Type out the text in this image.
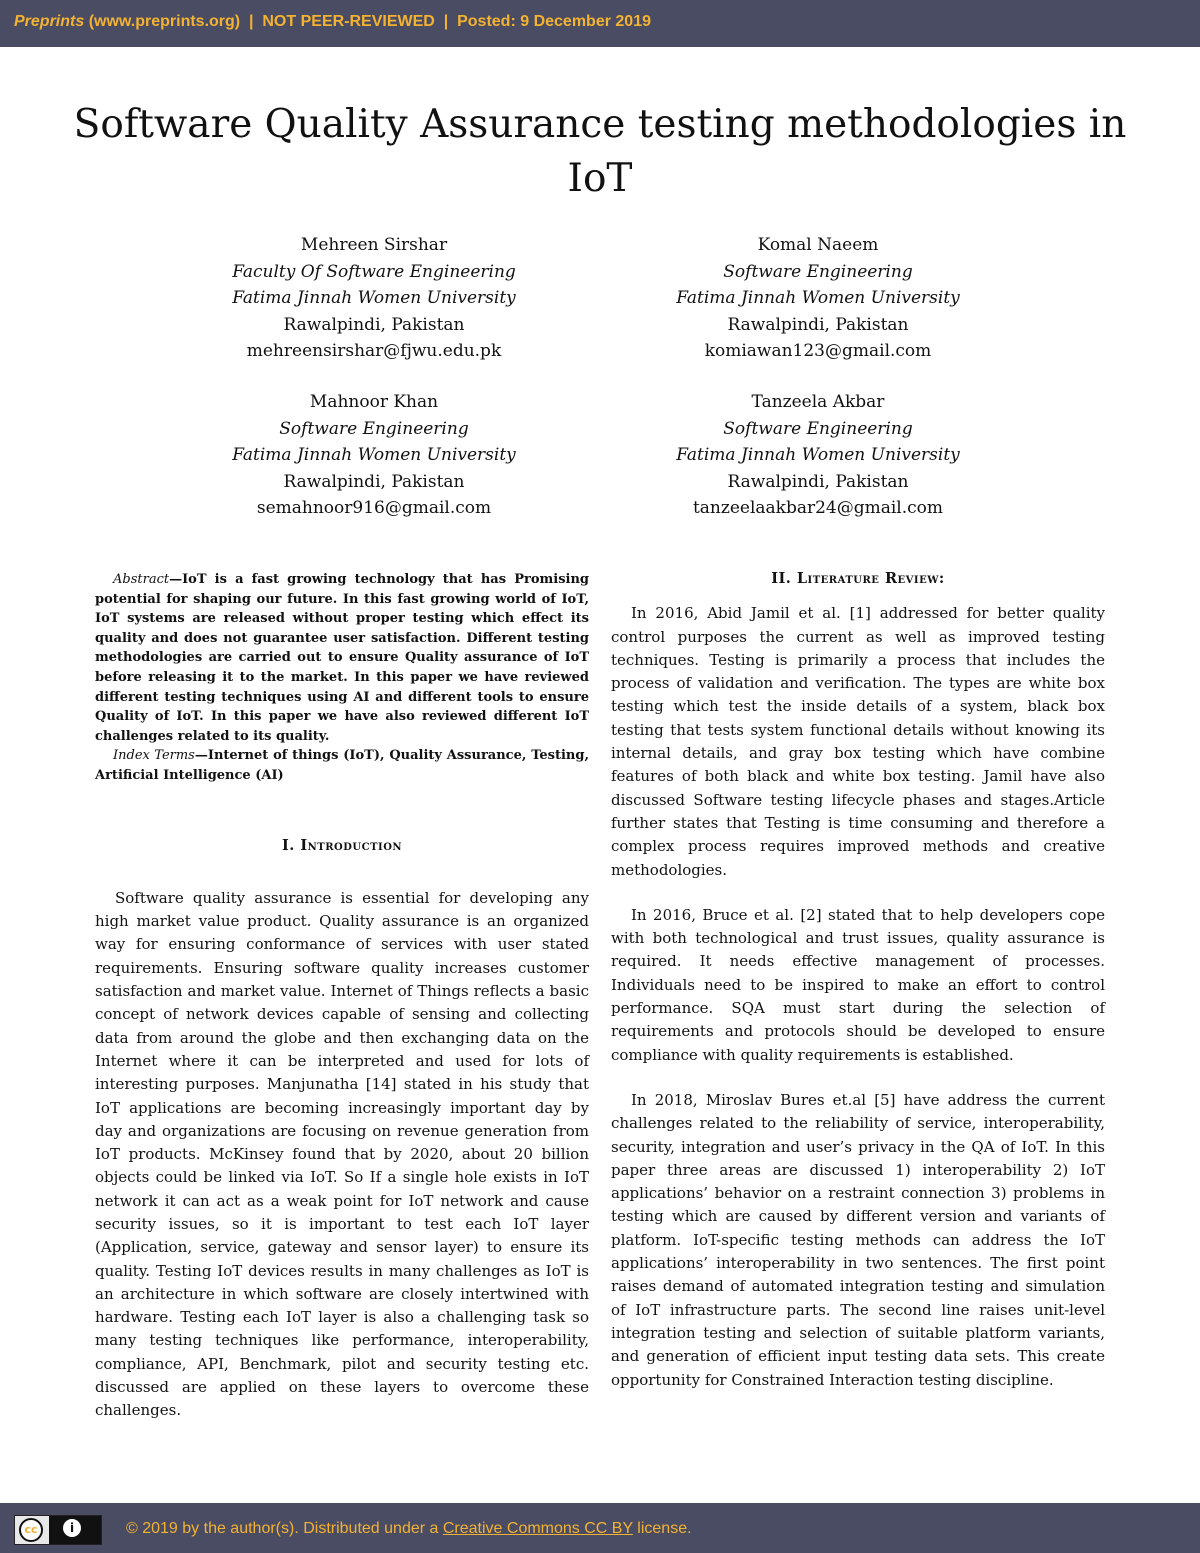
Preprints (www.preprints.org)  |  NOT PEER-REVIEWED  |  Posted: 9 December 2019
Software Quality Assurance testing methodologies in IoT
Mehreen Sirshar
Faculty Of Software Engineering
Fatima Jinnah Women University
Rawalpindi, Pakistan
mehreensirshar@fjwu.edu.pk
Komal Naeem
Software Engineering
Fatima Jinnah Women University
Rawalpindi, Pakistan
komiawan123@gmail.com
Mahnoor Khan
Software Engineering
Fatima Jinnah Women University
Rawalpindi, Pakistan
semahnoor916@gmail.com
Tanzeela Akbar
Software Engineering
Fatima Jinnah Women University
Rawalpindi, Pakistan
tanzeelaakbar24@gmail.com

Abstract—IoT is a fast growing technology that has Promising potential for shaping our future. In this fast growing world of IoT, IoT systems are released without proper testing which effect its quality and does not guarantee user satisfaction. Different testing methodologies are carried out to ensure Quality assurance of IoT before releasing it to the market. In this paper we have reviewed different testing techniques using AI and different tools to ensure Quality of IoT. In this paper we have also reviewed different IoT challenges related to its quality.

Index Terms—Internet of things (IoT), Quality Assurance, Testing, Artificial Intelligence (AI)

I. Introduction

Software quality assurance is essential for developing any high market value product. Quality assurance is an organized way for ensuring conformance of services with user stated requirements. Ensuring software quality increases customer satisfaction and market value. Internet of Things reflects a basic concept of network devices capable of sensing and collecting data from around the globe and then exchanging data on the Internet where it can be interpreted and used for lots of interesting purposes. Manjunatha [14] stated in his study that IoT applications are becoming increasingly important day by day and organizations are focusing on revenue generation from IoT products. McKinsey found that by 2020, about 20 billion objects could be linked via IoT. So If a single hole exists in IoT network it can act as a weak point for IoT network and cause security issues, so it is important to test each IoT layer (Application, service, gateway and sensor layer) to ensure its quality. Testing IoT devices results in many challenges as IoT is an architecture in which software are closely intertwined with hardware. Testing each IoT layer is also a challenging task so many testing techniques like performance, interoperability, compliance, API, Benchmark, pilot and security testing etc. discussed are applied on these layers to overcome these challenges.

II. Literature Review:

In 2016, Abid Jamil et al. [1] addressed for better quality control purposes the current as well as improved testing techniques. Testing is primarily a process that includes the process of validation and verification. The types are white box testing which test the inside details of a system, black box testing that tests system functional details without knowing its internal details, and gray box testing which have combine features of both black and white box testing. Jamil have also discussed Software testing lifecycle phases and stages.Article further states that Testing is time consuming and therefore a complex process requires improved methods and creative methodologies.

In 2016, Bruce et al. [2] stated that to help developers cope with both technological and trust issues, quality assurance is required. It needs effective management of processes. Individuals need to be inspired to make an effort to control performance. SQA must start during the selection of requirements and protocols should be developed to ensure compliance with quality requirements is established.

In 2018, Miroslav Bures et.al [5] have address the current challenges related to the reliability of service, interoperability, security, integration and user’s privacy in the QA of IoT. In this paper three areas are discussed 1) interoperability 2) IoT applications’ behavior on a restraint connection 3) problems in testing which are caused by different version and variants of platform. IoT-specific testing methods can address the IoT applications’ interoperability in two sentences. The first point raises demand of automated integration testing and simulation of IoT infrastructure parts. The second line raises unit-level integration testing and selection of suitable platform variants, and generation of efficient input testing data sets. This create opportunity for Constrained Interaction testing discipline.

cc	i	© 2019 by the author(s). Distributed under a Creative Commons CC BY license.
